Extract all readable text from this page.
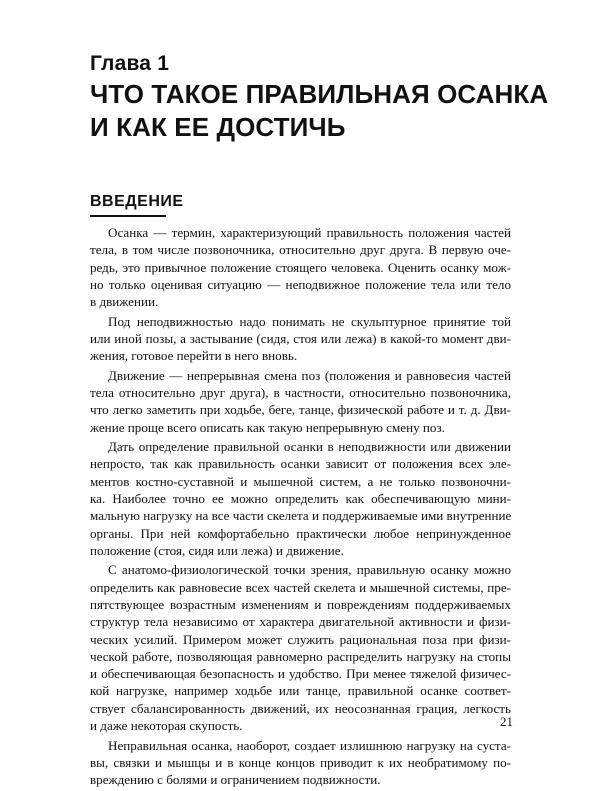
Глава 1
ЧТО ТАКОЕ ПРАВИЛЬНАЯ ОСАНКА
И КАК ЕЕ ДОСТИЧЬ
ВВЕДЕНИЕ

Осанка — термин, характеризующий правильность положения частей
тела, в том числе позвоночника, относительно друг друга. В первую оче-
редь, это привычное положение стоящего человека. Оценить осанку мож-
но только оценивая ситуацию — неподвижное положение тела или тело
в движении.

Под неподвижностью надо понимать не скульптурное принятие той
или иной позы, а застывание (сидя, стоя или лежа) в какой-то момент дви-
жения, готовое перейти в него вновь.

Движение — непрерывная смена поз (положения и равновесия частей
тела относительно друг друга), в частности, относительно позвоночника,
что легко заметить при ходьбе, беге, танце, физической работе и т. д. Дви-
жение проще всего описать как такую непрерывную смену поз.

Дать определение правильной осанки в неподвижности или движении
непросто, так как правильность осанки зависит от положения всех эле-
ментов костно-суставной и мышечной систем, а не только позвоночни-
ка. Наиболее точно ее можно определить как обеспечивающую мини-
мальную нагрузку на все части скелета и поддерживаемые ими внутренние
органы. При ней комфортабельно практически любое непринужденное
положение (стоя, сидя или лежа) и движение.

С анатомо-физиологической точки зрения, правильную осанку можно
определить как равновесие всех частей скелета и мышечной системы, пре-
пятствующее возрастным изменениям и повреждениям поддерживаемых
структур тела независимо от характера двигательной активности и физи-
ческих усилий. Примером может служить рациональная поза при физи-
ческой работе, позволяющая равномерно распределить нагрузку на стопы
и обеспечивающая безопасность и удобство. При менее тяжелой физичес-
кой нагрузке, например ходьбе или танце, правильной осанке соответ-
ствует сбалансированность движений, их неосознанная грация, легкость
и даже некоторая скупость.

Неправильная осанка, наоборот, создает излишнюю нагрузку на суста-
вы, связки и мышцы и в конце концов приводит к их необратимому по-
вреждению с болями и ограничением подвижности.

21
